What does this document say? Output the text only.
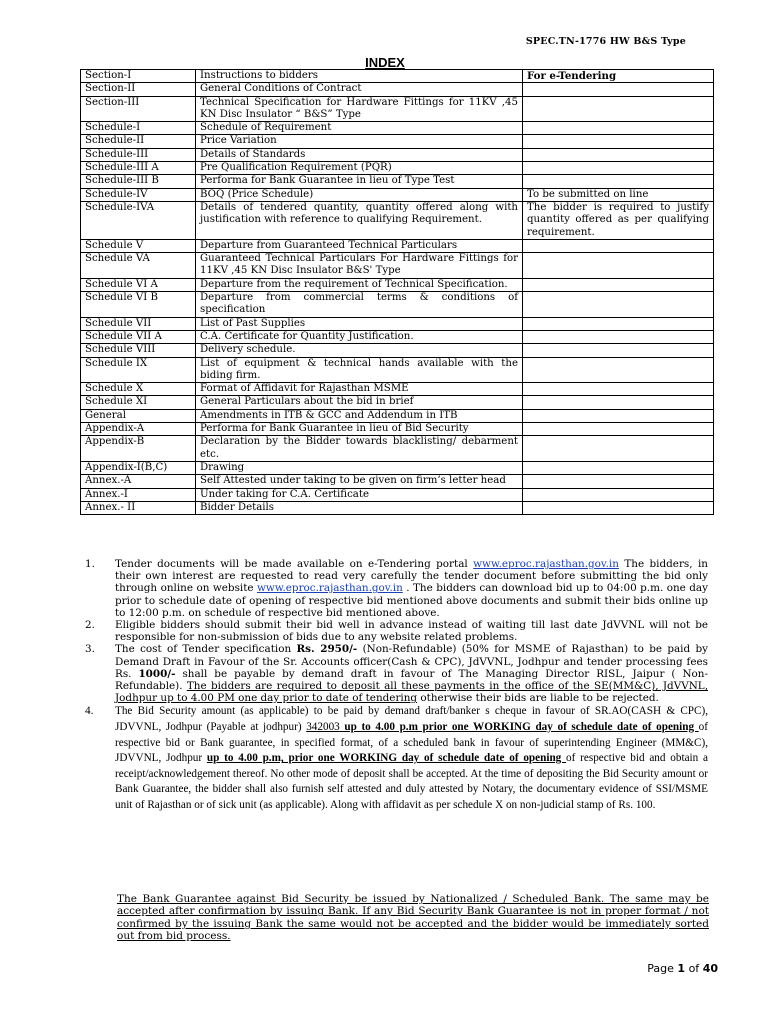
SPEC.TN-1776 HW B&S Type
INDEX
Section-I	Instructions to bidders	For e-Tendering
Section-II	General Conditions of Contract	
Section-III	Technical Specification for Hardware Fittings for 11KV ,45 KN Disc Insulator “ B&S” Type	
Schedule-I	Schedule of Requirement	
Schedule-II	Price Variation	
Schedule-III	Details of Standards	
Schedule-III A	Pre Qualification Requirement (PQR)	
Schedule-III B	Performa for Bank Guarantee in lieu of Type Test	
Schedule-IV	BOQ (Price Schedule)	To be submitted on line
Schedule-IVA	Details of tendered quantity, quantity offered along with justification with reference to qualifying Requirement.	The bidder is required to justify quantity offered as per qualifying requirement.
Schedule V	Departure from Guaranteed Technical Particulars	
Schedule VA	Guaranteed Technical Particulars For Hardware Fittings for 11KV ,45 KN Disc Insulator B&S' Type	
Schedule VI A	Departure from the requirement of Technical Specification.	
Schedule VI B	Departure from commercial terms & conditions of specification	
Schedule VII	List of Past Supplies	
Schedule VII A	C.A. Certificate for Quantity Justification.	
Schedule VIII	Delivery schedule.	
Schedule IX	List of equipment & technical hands available with the biding firm.	
Schedule X	Format of Affidavit for Rajasthan MSME	
Schedule XI	General Particulars about the bid in brief	
General	Amendments in ITB & GCC and Addendum in ITB	
Appendix-A	Performa for Bank Guarantee in lieu of Bid Security	
Appendix-B	Declaration by the Bidder towards blacklisting/ debarment etc.	
Appendix-I(B,C)	Drawing	
Annex.-A	Self Attested under taking to be given on firm’s letter head	
Annex.-I	Under taking for C.A. Certificate	
Annex.- II	Bidder Details	
1. Tender documents will be made available on e-Tendering portal www.eproc.rajasthan.gov.in The bidders, in their own interest are requested to read very carefully the tender document before submitting the bid only through online on website www.eproc.rajasthan.gov.in . The bidders can download bid up to 04:00 p.m. one day prior to schedule date of opening of respective bid mentioned above documents and submit their bids online up to 12:00 p.m. on schedule of respective bid mentioned above.
2. Eligible bidders should submit their bid well in advance instead of waiting till last date JdVVNL will not be responsible for non-submission of bids due to any website related problems.
3. The cost of Tender specification Rs. 2950/- (Non-Refundable) (50% for MSME of Rajasthan) to be paid by Demand Draft in Favour of the Sr. Accounts officer(Cash & CPC), JdVVNL, Jodhpur and tender processing fees Rs. 1000/- shall be payable by demand draft in favour of The Managing Director RISL, Jaipur ( Non- Refundable). The bidders are required to deposit all these payments in the office of the SE(MM&C), JdVVNL, Jodhpur up to 4.00 PM one day prior to date of tendering otherwise their bids are liable to be rejected.
4. The Bid Security amount (as applicable) to be paid by demand draft/banker s cheque in favour of SR.AO(CASH & CPC), JDVVNL, Jodhpur (Payable at jodhpur) 342003 up to 4.00 p.m prior one WORKING day of schedule date of opening of respective bid or Bank guarantee, in specified format, of a scheduled bank in favour of superintending Engineer (MM&C), JDVVNL, Jodhpur up to 4.00 p.m, prior one WORKING day of schedule date of opening of respective bid and obtain a receipt/acknowledgement thereof. No other mode of deposit shall be accepted. At the time of depositing the Bid Security amount or Bank Guarantee, the bidder shall also furnish self attested and duly attested by Notary, the documentary evidence of SSI/MSME unit of Rajasthan or of sick unit (as applicable). Along with affidavit as per schedule X on non-judicial stamp of Rs. 100.
The Bank Guarantee against Bid Security be issued by Nationalized / Scheduled Bank. The same may be accepted after confirmation by issuing Bank. If any Bid Security Bank Guarantee is not in proper format / not confirmed by the issuing Bank the same would not be accepted and the bidder would be immediately sorted out from bid process.
Page 1 of 40
